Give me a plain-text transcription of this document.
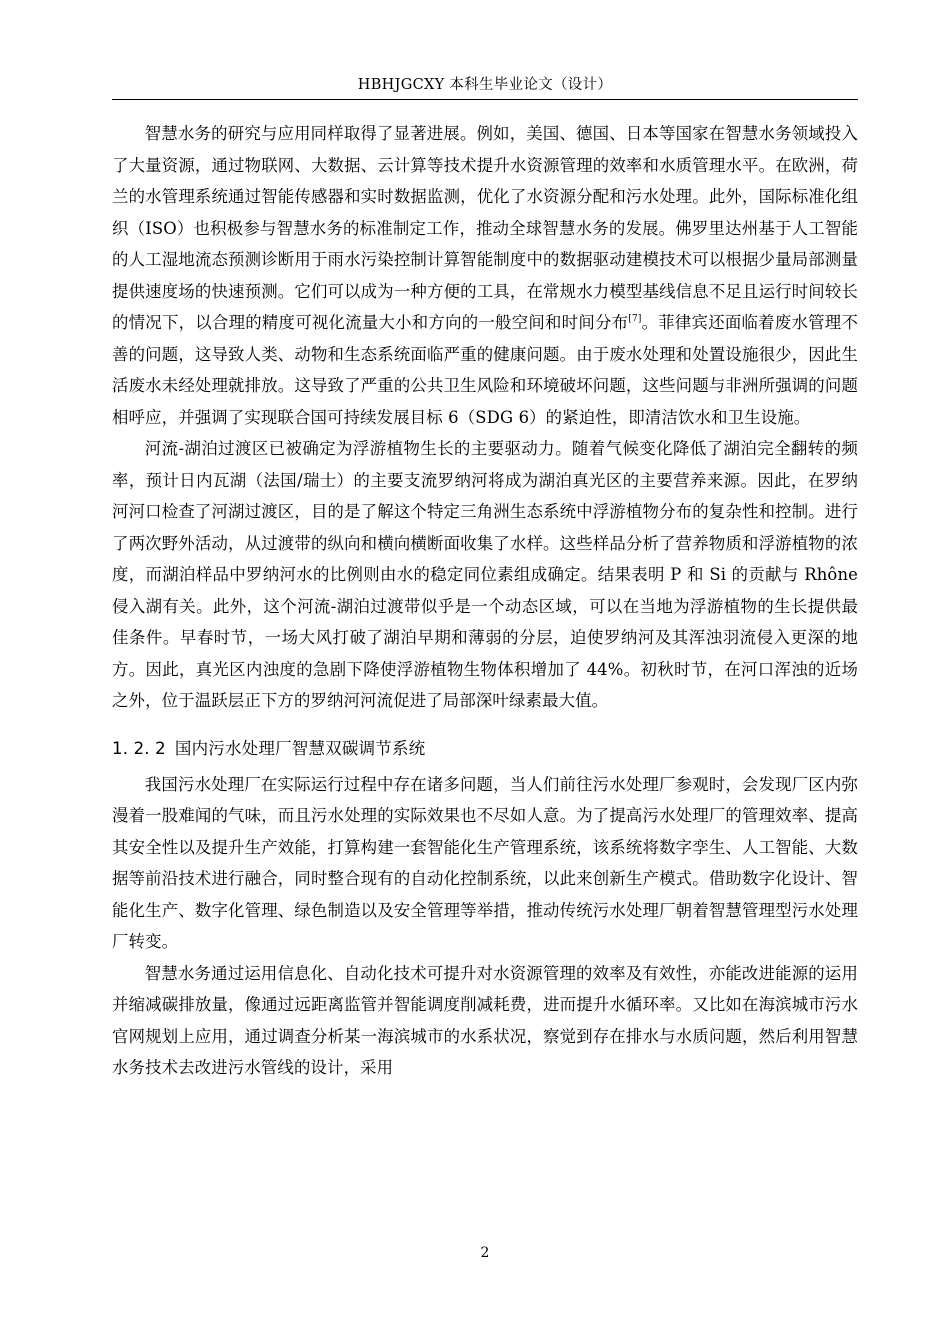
HBHJGCXY 本科生毕业论文（设计）

智慧水务的研究与应用同样取得了显著进展。例如，美国、德国、日本等国家在智慧水务领域投入了大量资源，通过物联网、大数据、云计算等技术提升水资源管理的效率和水质管理水平。在欧洲，荷兰的水管理系统通过智能传感器和实时数据监测，优化了水资源分配和污水处理。此外，国际标准化组织（ISO）也积极参与智慧水务的标准制定工作，推动全球智慧水务的发展。佛罗里达州基于人工智能的人工湿地流态预测诊断用于雨水污染控制计算智能制度中的数据驱动建模技术可以根据少量局部测量提供速度场的快速预测。它们可以成为一种方便的工具，在常规水力模型基线信息不足且运行时间较长的情况下，以合理的精度可视化流量大小和方向的一般空间和时间分布[7]。菲律宾还面临着废水管理不善的问题，这导致人类、动物和生态系统面临严重的健康问题。由于废水处理和处置设施很少，因此生活废水未经处理就排放。这导致了严重的公共卫生风险和环境破坏问题，这些问题与非洲所强调的问题相呼应，并强调了实现联合国可持续发展目标 6（SDG 6）的紧迫性，即清洁饮水和卫生设施。

河流-湖泊过渡区已被确定为浮游植物生长的主要驱动力。随着气候变化降低了湖泊完全翻转的频率，预计日内瓦湖（法国/瑞士）的主要支流罗纳河将成为湖泊真光区的主要营养来源。因此，在罗纳河河口检查了河湖过渡区，目的是了解这个特定三角洲生态系统中浮游植物分布的复杂性和控制。进行了两次野外活动，从过渡带的纵向和横向横断面收集了水样。这些样品分析了营养物质和浮游植物的浓度，而湖泊样品中罗纳河水的比例则由水的稳定同位素组成确定。结果表明 P 和 Si 的贡献与 Rhône 侵入湖有关。此外，这个河流-湖泊过渡带似乎是一个动态区域，可以在当地为浮游植物的生长提供最佳条件。早春时节，一场大风打破了湖泊早期和薄弱的分层，迫使罗纳河及其浑浊羽流侵入更深的地方。因此，真光区内浊度的急剧下降使浮游植物生物体积增加了 44%。初秋时节，在河口浑浊的近场之外，位于温跃层正下方的罗纳河河流促进了局部深叶绿素最大值。

1. 2. 2 国内污水处理厂智慧双碳调节系统

我国污水处理厂在实际运行过程中存在诸多问题，当人们前往污水处理厂参观时，会发现厂区内弥漫着一股难闻的气味，而且污水处理的实际效果也不尽如人意。为了提高污水处理厂的管理效率、提高其安全性以及提升生产效能，打算构建一套智能化生产管理系统，该系统将数字孪生、人工智能、大数据等前沿技术进行融合，同时整合现有的自动化控制系统，以此来创新生产模式。借助数字化设计、智能化生产、数字化管理、绿色制造以及安全管理等举措，推动传统污水处理厂朝着智慧管理型污水处理厂转变。

智慧水务通过运用信息化、自动化技术可提升对水资源管理的效率及有效性，亦能改进能源的运用并缩减碳排放量，像通过远距离监管并智能调度削减耗费，进而提升水循环率。又比如在海滨城市污水官网规划上应用，通过调查分析某一海滨城市的水系状况，察觉到存在排水与水质问题，然后利用智慧水务技术去改进污水管线的设计，采用

2
